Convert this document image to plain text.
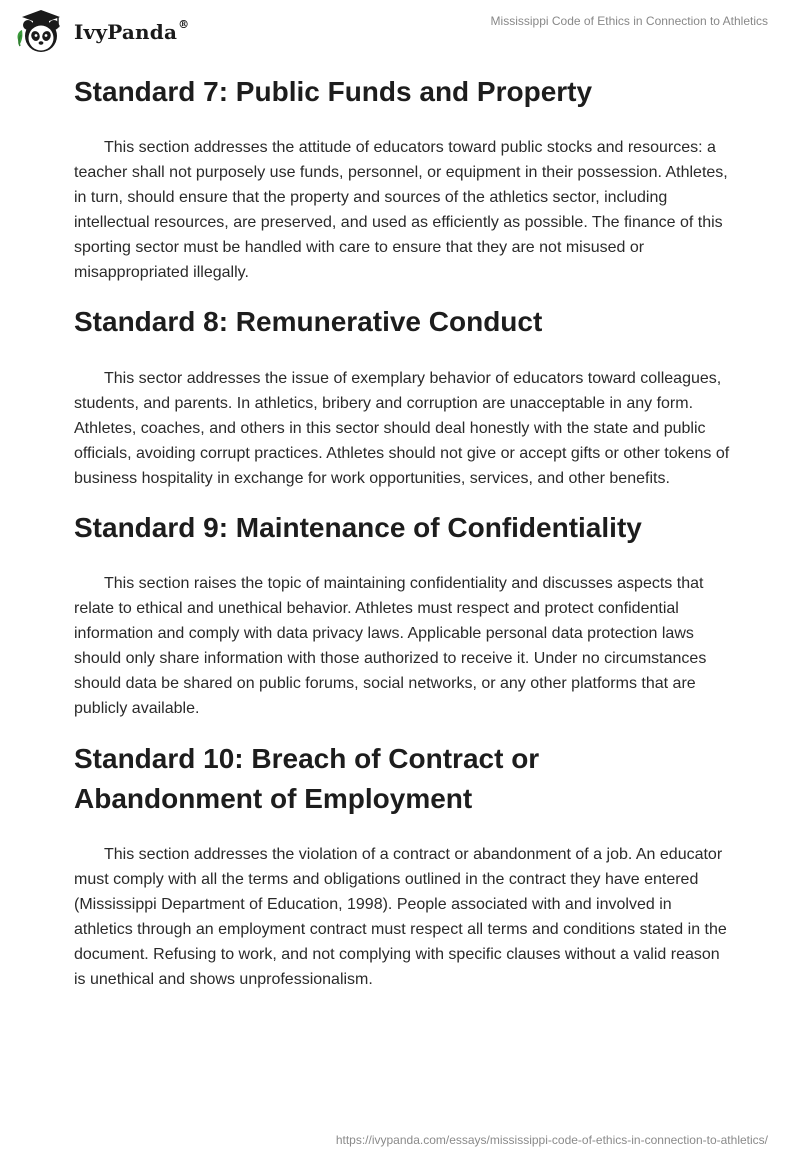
IvyPanda®	Mississippi Code of Ethics in Connection to Athletics
Standard 7: Public Funds and Property

This section addresses the attitude of educators toward public stocks and resources: a teacher shall not purposely use funds, personnel, or equipment in their possession. Athletes, in turn, should ensure that the property and sources of the athletics sector, including intellectual resources, are preserved, and used as efficiently as possible. The finance of this sporting sector must be handled with care to ensure that they are not misused or misappropriated illegally.

Standard 8: Remunerative Conduct

This sector addresses the issue of exemplary behavior of educators toward colleagues, students, and parents. In athletics, bribery and corruption are unacceptable in any form. Athletes, coaches, and others in this sector should deal honestly with the state and public officials, avoiding corrupt practices. Athletes should not give or accept gifts or other tokens of business hospitality in exchange for work opportunities, services, and other benefits.

Standard 9: Maintenance of Confidentiality

This section raises the topic of maintaining confidentiality and discusses aspects that relate to ethical and unethical behavior. Athletes must respect and protect confidential information and comply with data privacy laws. Applicable personal data protection laws should only share information with those authorized to receive it. Under no circumstances should data be shared on public forums, social networks, or any other platforms that are publicly available.

Standard 10: Breach of Contract or Abandonment of Employment

This section addresses the violation of a contract or abandonment of a job. An educator must comply with all the terms and obligations outlined in the contract they have entered (Mississippi Department of Education, 1998). People associated with and involved in athletics through an employment contract must respect all terms and conditions stated in the document. Refusing to work, and not complying with specific clauses without a valid reason is unethical and shows unprofessionalism.

https://ivypanda.com/essays/mississippi-code-of-ethics-in-connection-to-athletics/
